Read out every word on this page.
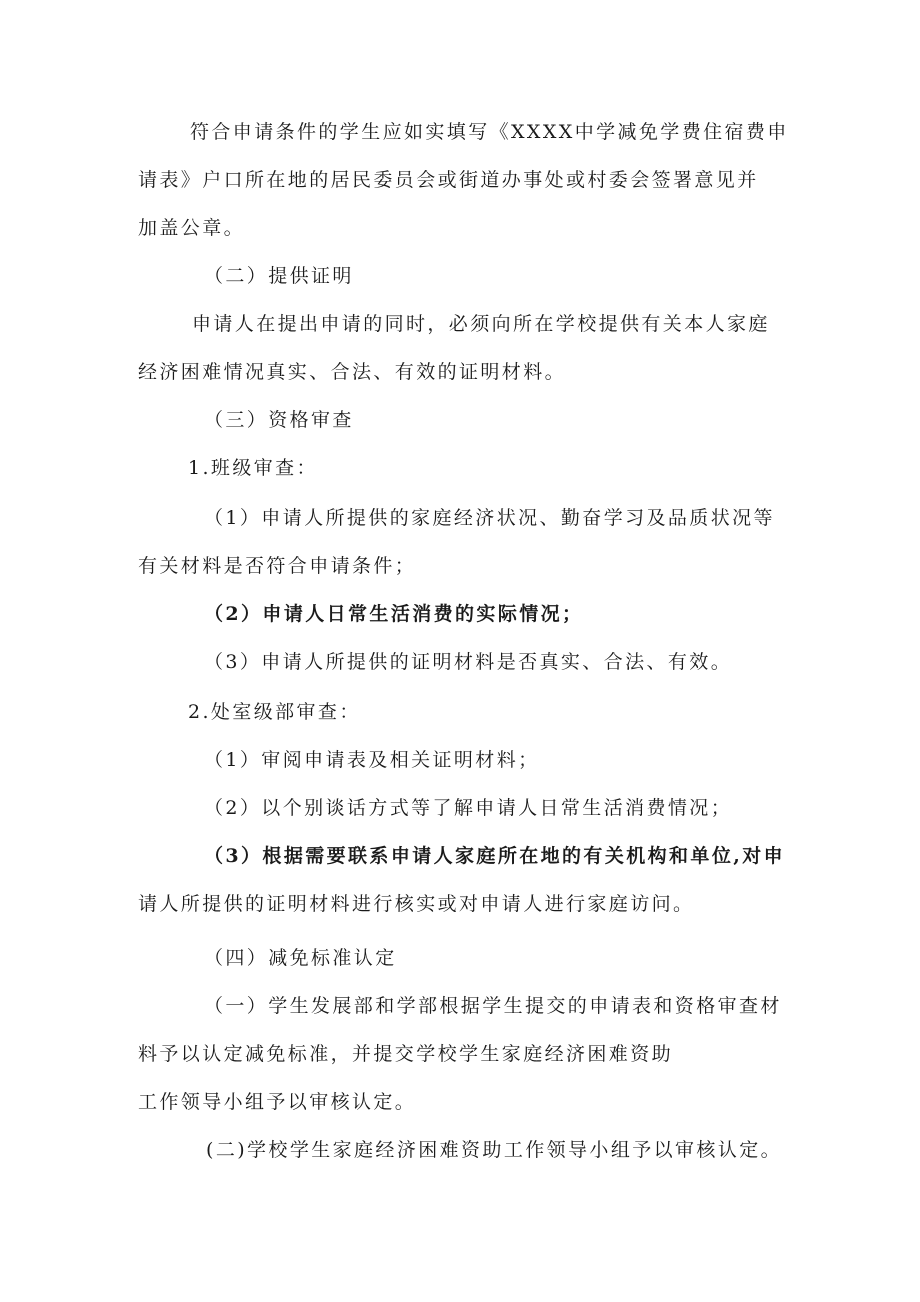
符合申请条件的学生应如实填写《XXXX中学减免学费住宿费申
请表》户口所在地的居民委员会或街道办事处或村委会签署意见并
加盖公章。
（二）提供证明
申请人在提出申请的同时，必须向所在学校提供有关本人家庭
经济困难情况真实、合法、有效的证明材料。
（三）资格审查
1.班级审查：
（1）申请人所提供的家庭经济状况、勤奋学习及品质状况等
有关材料是否符合申请条件；
（2）申请人日常生活消费的实际情况；
（3）申请人所提供的证明材料是否真实、合法、有效。
2.处室级部审查：
（1）审阅申请表及相关证明材料；
（2）以个别谈话方式等了解申请人日常生活消费情况；
（3）根据需要联系申请人家庭所在地的有关机构和单位,对申
请人所提供的证明材料进行核实或对申请人进行家庭访问。
（四）减免标准认定
（一）学生发展部和学部根据学生提交的申请表和资格审查材
料予以认定减免标准，并提交学校学生家庭经济困难资助
工作领导小组予以审核认定。
(二)学校学生家庭经济困难资助工作领导小组予以审核认定。
